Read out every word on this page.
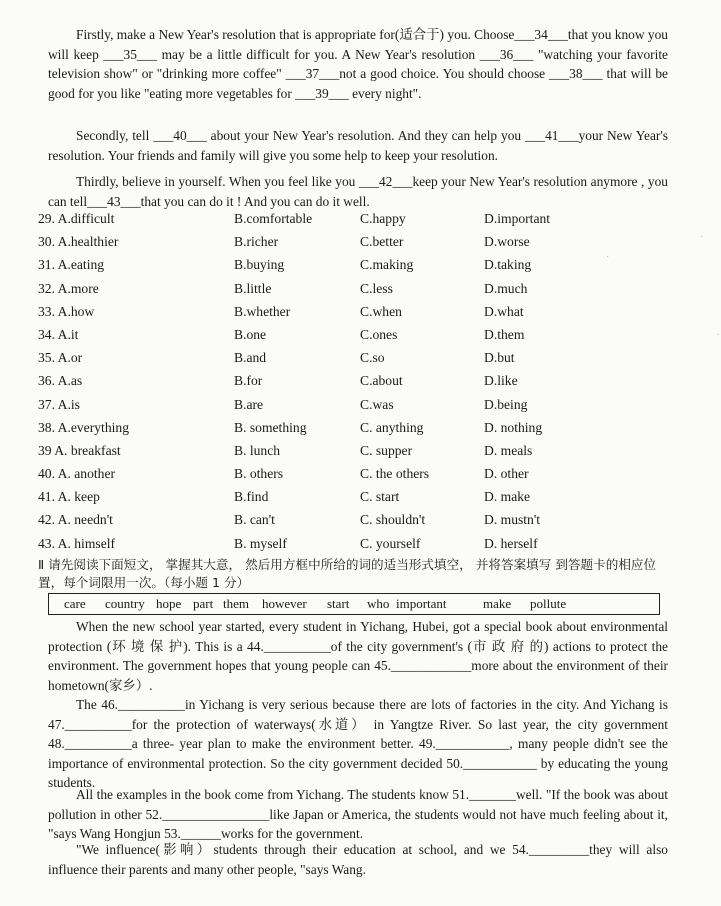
Firstly, make a New Year's resolution that is appropriate for(适合于) you. Choose___34___that you know you will keep ___35___ may be a little difficult for you. A New Year's resolution ___36___ "watching your favorite television show" or "drinking more coffee" ___37___not a good choice. You should choose ___38___ that will be good for you like "eating more vegetables for ___39___ every night".
Secondly, tell ___40___ about your New Year's resolution. And they can help you ___41___your New Year's resolution. Your friends and family will give you some help to keep your resolution.
Thirdly, believe in yourself. When you feel like you ___42___keep your New Year's resolution anymore , you can tell___43___that you can do it ! And you can do it well.
29. A.difficult	B.comfortable	C.happy	D.important
30. A.healthier	B.richer	C.better	D.worse
31. A.eating	B.buying	C.making	D.taking
32. A.more	B.little	C.less	D.much
33. A.how	B.whether	C.when	D.what
34. A.it	B.one	C.ones	D.them
35. A.or	B.and	C.so	D.but
36. A.as	B.for	C.about	D.like
37. A.is	B.are	C.was	D.being
38. A.everything	B. something	C. anything	D. nothing
39 A. breakfast	B. lunch	C. supper	D. meals
40. A. another	B. others	C. the others	D. other
41. A. keep	B.find	C. start	D. make
42. A. needn't	B. can't	C. shouldn't	D. mustn't
43. A. himself	B. myself	C. yourself	D. herself
Ⅱ 请先阅读下面短文， 掌握其大意， 然后用方框中所给的词的适当形式填空， 并将答案填写 到答题卡的相应位置，每个词限用一次。（每小题 1 分）
care country hope part them however start who important	make pollute
When the new school year started, every student in Yichang, Hubei, got a special book about environmental protection (环 境 保 护). This is a 44.__________of the city government's (市 政 府 的) actions to protect the environment. The government hopes that young people can 45.____________more about the environment of their hometown(家乡）.
The 46.__________in Yichang is very serious because there are lots of factories in the city. And Yichang is 47.__________for the protection of waterways(水道） in Yangtze River. So last year, the city government 48.__________a three- year plan to make the environment better. 49.___________, many people didn't see the importance of environmental protection. So the city government decided 50.___________ by educating the young students.
All the examples in the book come from Yichang. The students know 51._______well. "If the book was about pollution in other 52.________________like Japan or America, the students would not have much feeling about it, "says Wang Hongjun 53.______works for the government.
"We influence(影响）students through their education at school, and we 54._________they will also influence their parents and many other people, "says Wang.
·
·
·
